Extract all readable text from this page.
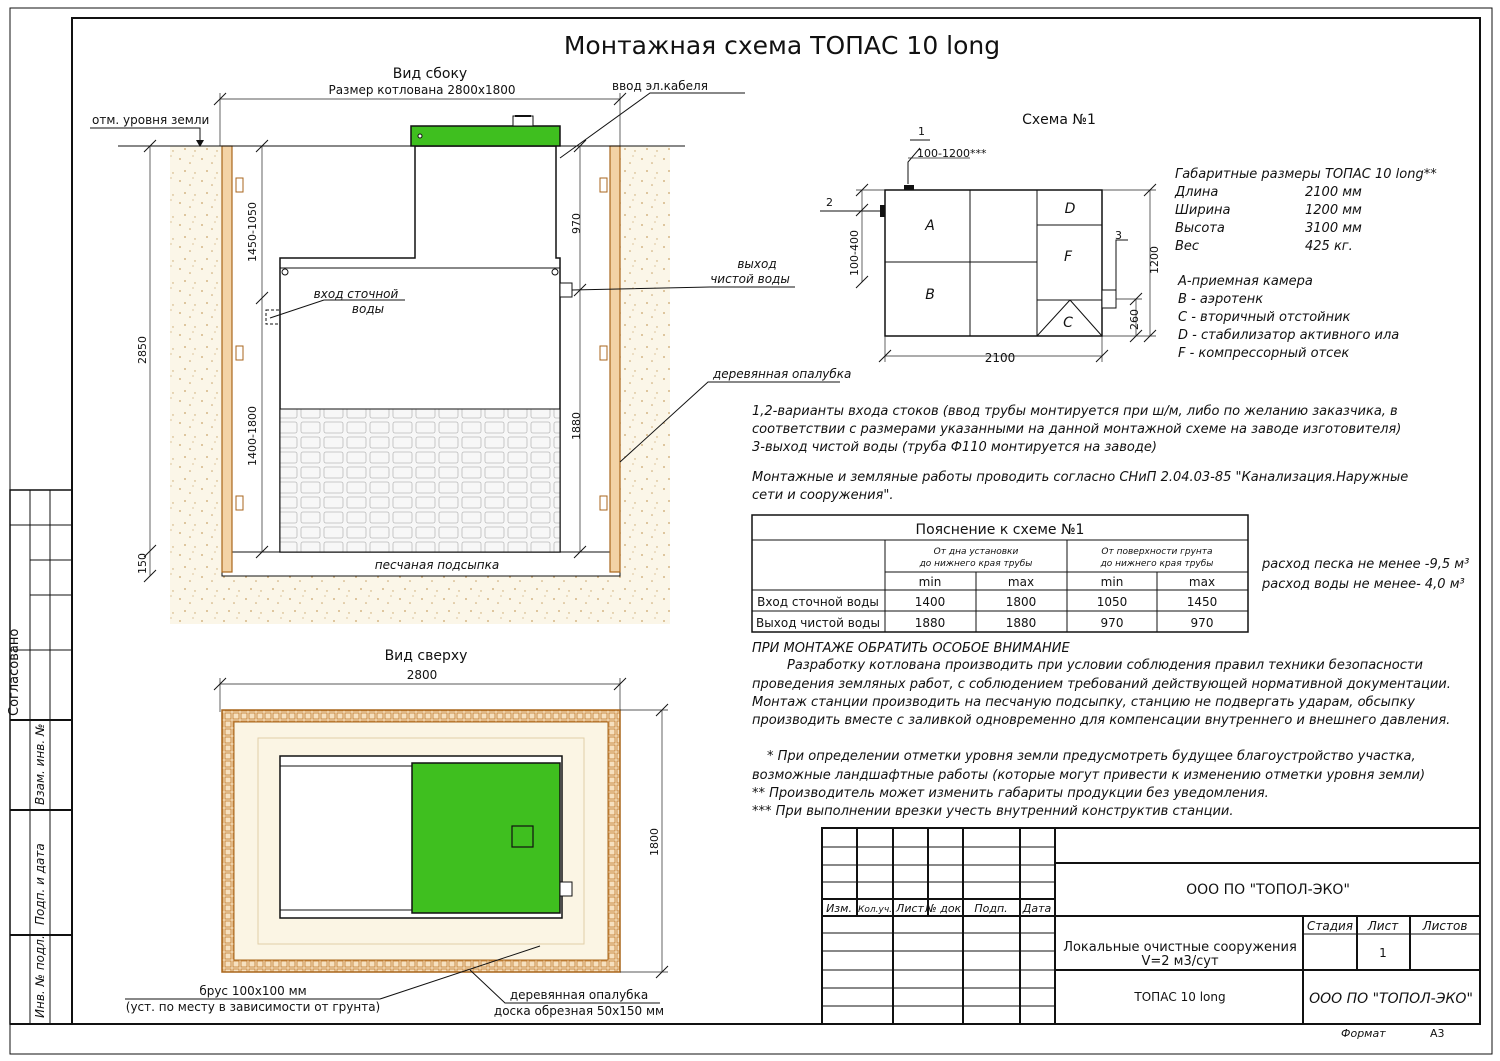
Монтажная схема ТОПАС 10 long
Согласовано
Взам. инв. №
Подп. и дата
Инв. № подл.
Вид сбоку
Размер котлована 2800x1800
песчаная подсыпка
отм. уровня земли
ввод эл.кабеля
выход
чистой воды
вход сточной
воды
деревянная опалубка
2850
150
1450-1050
1400-1800
970
1880
Вид сверху
2800
1800
брус 100х100 мм
(уст. по месту в зависимости от грунта)
деревянная опалубка
доска обрезная 50х150 мм
Схема №1
A
B
D
F
C
1
100-1200***
2
3
100-400	1200
260
2100
Габаритные размеры ТОПАС 10 long**
Длина	2100 мм
Ширина	1200 мм
Высота	3100 мм
Вес	425 кг.
А-приемная камера
В - аэротенк
С - вторичный отстойник
D - стабилизатор активного ила
F - компрессорный отсек
1,2-варианты входа стоков (ввод трубы монтируется при ш/м, либо по желанию заказчика, в
соответствии с размерами указанными на данной монтажной схеме на заводе изготовителя)
3-выход чистой воды (труба Ф110 монтируется на заводе)
Монтажные и земляные работы проводить согласно СНиП 2.04.03-85 "Канализация.Наружные
сети и сооружения".
Пояснение к схеме №1
От дна установки
до нижнего края трубы
От поверхности грунта
до нижнего края трубы
min	max	min	max
Вход сточной воды	1400	1800	1050	1450
Выход чистой воды	1880	1880	970	970
расход песка не менее -9,5 м³
расход воды не менее- 4,0 м³
ПРИ МОНТАЖЕ ОБРАТИТЬ ОСОБОЕ ВНИМАНИЕ
Разработку котлована производить при условии соблюдения правил техники безопасности
проведения земляных работ, с соблюдением требований действующей нормативной документации.
Монтаж станции производить на песчаную подсыпку, станцию не подвергать ударам, обсыпку
производить вместе с заливкой одновременно для компенсации внутреннего и внешнего давления.
* При определении отметки уровня земли предусмотреть будущее благоустройство участка,
возможные ландшафтные работы (которые могут привести к изменению отметки уровня земли)
** Производитель может изменить габариты продукции без уведомления.
*** При выполнении врезки учесть внутренний конструктив станции.
Изм. Кол.уч. Лист № док. Подп. Дата
ООО ПО "ТОПОЛ-ЭКО"
Локальные очистные сооружения
V=2 м3/сут
Стадия Лист Листов
1
ТОПАС 10 long	ООО ПО "ТОПОЛ-ЭКО"
Формат	А3
